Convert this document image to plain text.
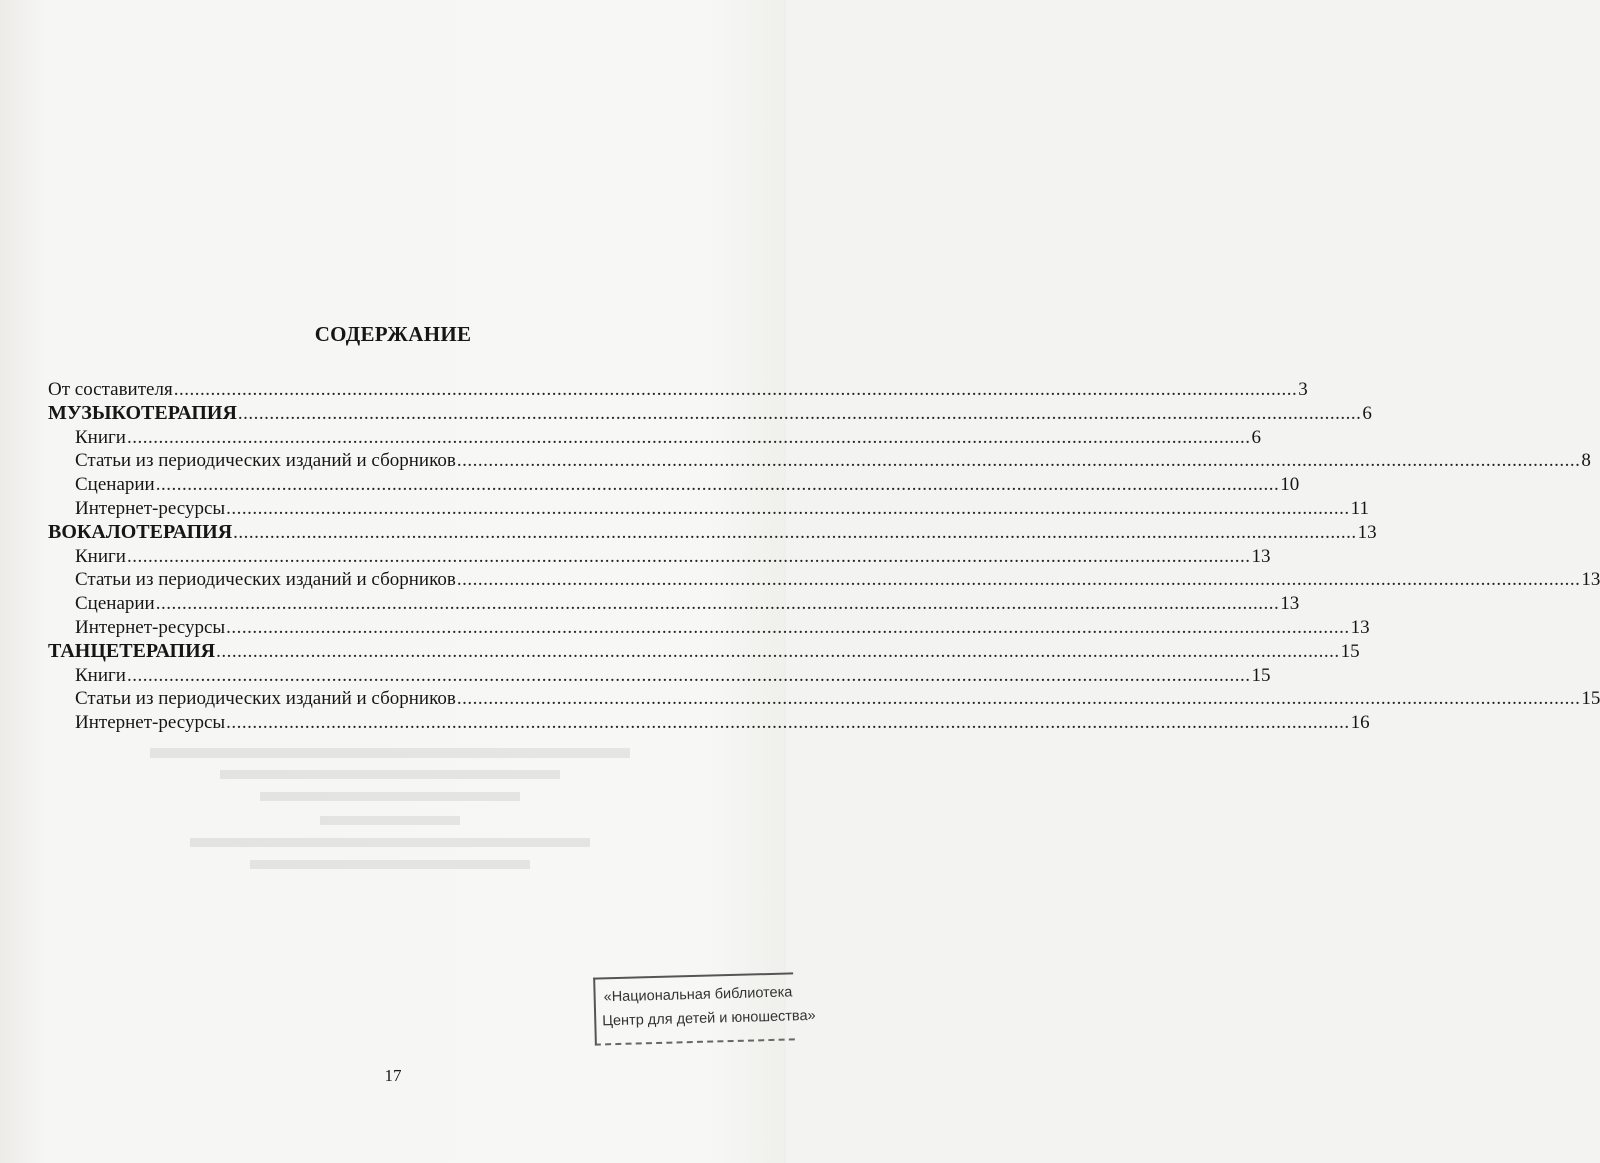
СОДЕРЖАНИЕ
От составителя .....	3
МУЗЫКОТЕРАПИЯ .....	6
Книги .....	6
Статьи из периодических изданий и сборников .....	8
Сценарии .....	10
Интернет-ресурсы .....	11
ВОКАЛОТЕРАПИЯ .....	13
Книги .....	13
Статьи из периодических изданий и сборников .....	13
Сценарии .....	13
Интернет-ресурсы .....	13
ТАНЦЕТЕРАПИЯ .....	15
Книги .....	15
Статьи из периодических изданий и сборников .....	15
Интернет-ресурсы .....	16
«Национальная библиотека
Центр для детей и юношества»
17
